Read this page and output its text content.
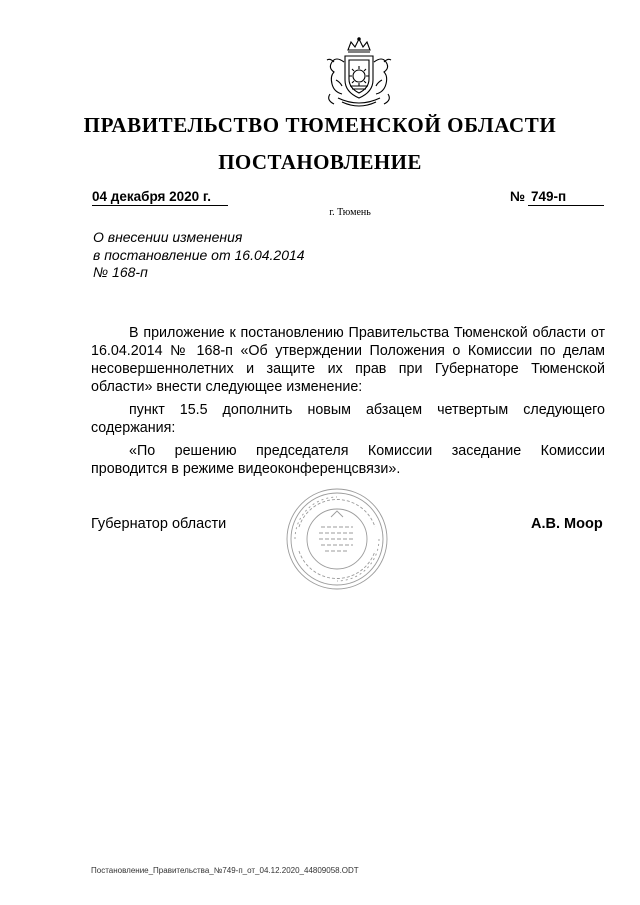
ПРАВИТЕЛЬСТВО ТЮМЕНСКОЙ ОБЛАСТИ
ПОСТАНОВЛЕНИЕ
04 декабря 2020 г.	№ 749-п
г. Тюмень
О внесении изменения
в постановление от 16.04.2014
№ 168-п

В приложение к постановлению Правительства Тюменской области от 16.04.2014 № 168-п «Об утверждении Положения о Комиссии по делам несовершеннолетних и защите их прав при Губернаторе Тюменской области» внести следующее изменение:

пункт 15.5 дополнить новым абзацем четвертым следующего содержания:

«По решению председателя Комиссии заседание Комиссии проводится в режиме видеоконференцсвязи».

Губернатор области	А.В. Моор
Постановление_Правительства_№749-п_от_04.12.2020_44809058.ODT
